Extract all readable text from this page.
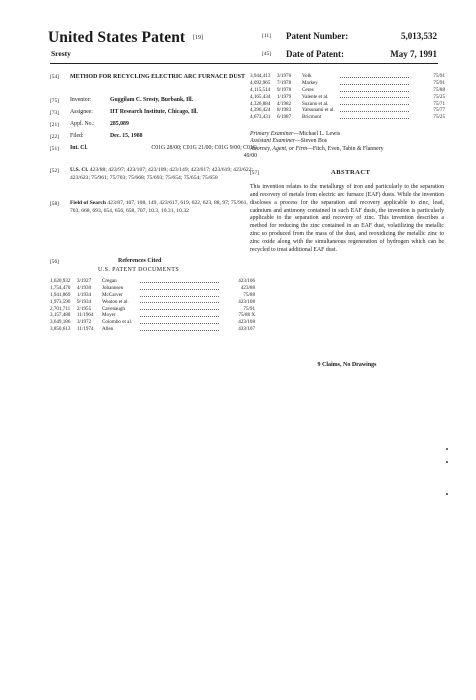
United States Patent [19]
Sresty
[11] Patent Number:	5,013,532
[45] Date of Patent:	May 7, 1991
[54] METHOD FOR RECYCLING ELECTRIC ARC FURNACE DUST
[75] Inventor:	Guggilam C. Sresty, Burbank, Ill.
[73] Assignee:	IIT Research Institute, Chicago, Ill.
[21] Appl. No.:	285,089
[22] Filed:	Dec. 15, 1988
[51] Int. Cl.	C01G 28/00; C01G 21/00; C01G 9/00; C01G 49/00
[52] U.S. Cl. 423/88; 423/97; 423/107; 423/109; 423/149; 423/617; 423/619; 423/622; 423/623; 75/961; 75/703; 75/668; 75/693; 75/654; 75/654; 75/658
[58] Field of Search 423/87, 107, 108, 149, 423/617, 619, 622, 623, 88, 97; 75/961, 703, 668, 693, 654, 656, 658, 707, 10.3, 10.31, 10.32
[56]	References Cited
U.S. PATENT DOCUMENTS
1,620,932 3/1927 Cregan	423/106
1,754,470 4/1930 Johannsen	423/88
1,941,869 1/1934 McCarver	75/88
1,973,590 9/1934 Weaton et al.	423/108
2,701,711 2/1955 Cavenaugh	75/91
3,157,488 11/1964 Moyer	75/88 X
3,649,186 3/1972 Colombo et al.	423/108
3,850,613 11/1974 Allen	423/107
3,944,413 3/1976 Volk	75/91
4,092,965 7/1978 Markey	75/91
4,115,514 9/1978 Ceres	75/88
4,165,434 1/1979 Valente et al.	75/25
4,326,884 4/1982 Suzuno et al.	75/71
4,396,424 8/1983 Yatsunami et al.	75/77
4,673,431 6/1987 Bricmont	75/25
Primary Examiner—Michael L. Lewis
Assistant Examiner—Steven Bos
Attorney, Agent, or Firm—Fitch, Even, Tabin & Flannery
[57]	ABSTRACT
This invention relates to the metallurgy of iron and particularly to the separation and recovery of metals from electric arc furnace (EAF) dusts. While the invention discloses a process for the separation and recovery applicable to zinc, lead, cadmium and antimony contained in such EAF dusts, the invention is particularly applicable to the separation and recovery of zinc. This invention describes a method for reducing the zinc contained in an EAF dust, volatilizing the metallic zinc so produced from the mass of the dust, and reoxidizing the metallic zinc to zinc oxide along with the simultaneous regeneration of hydrogen which can be recycled to treat additional EAF dust.
9 Claims, No Drawings
